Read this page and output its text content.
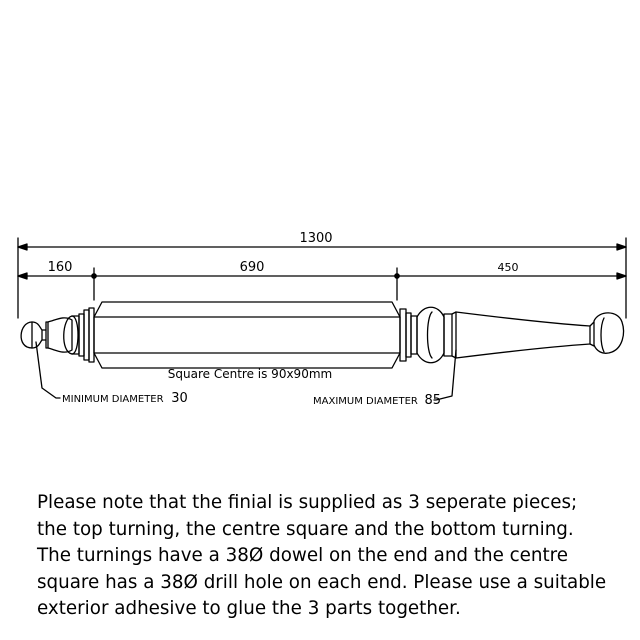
1300
160	690	450
Square Centre is 90x90mm
MINIMUM DIAMETER 30	MAXIMUM DIAMETER 85

Please note that the finial is supplied as 3 seperate pieces;
the top turning, the centre square and the bottom turning.
The turnings have a 38Ø dowel on the end and the centre
square has a 38Ø drill hole on each end. Please use a suitable
exterior adhesive to glue the 3 parts together.
